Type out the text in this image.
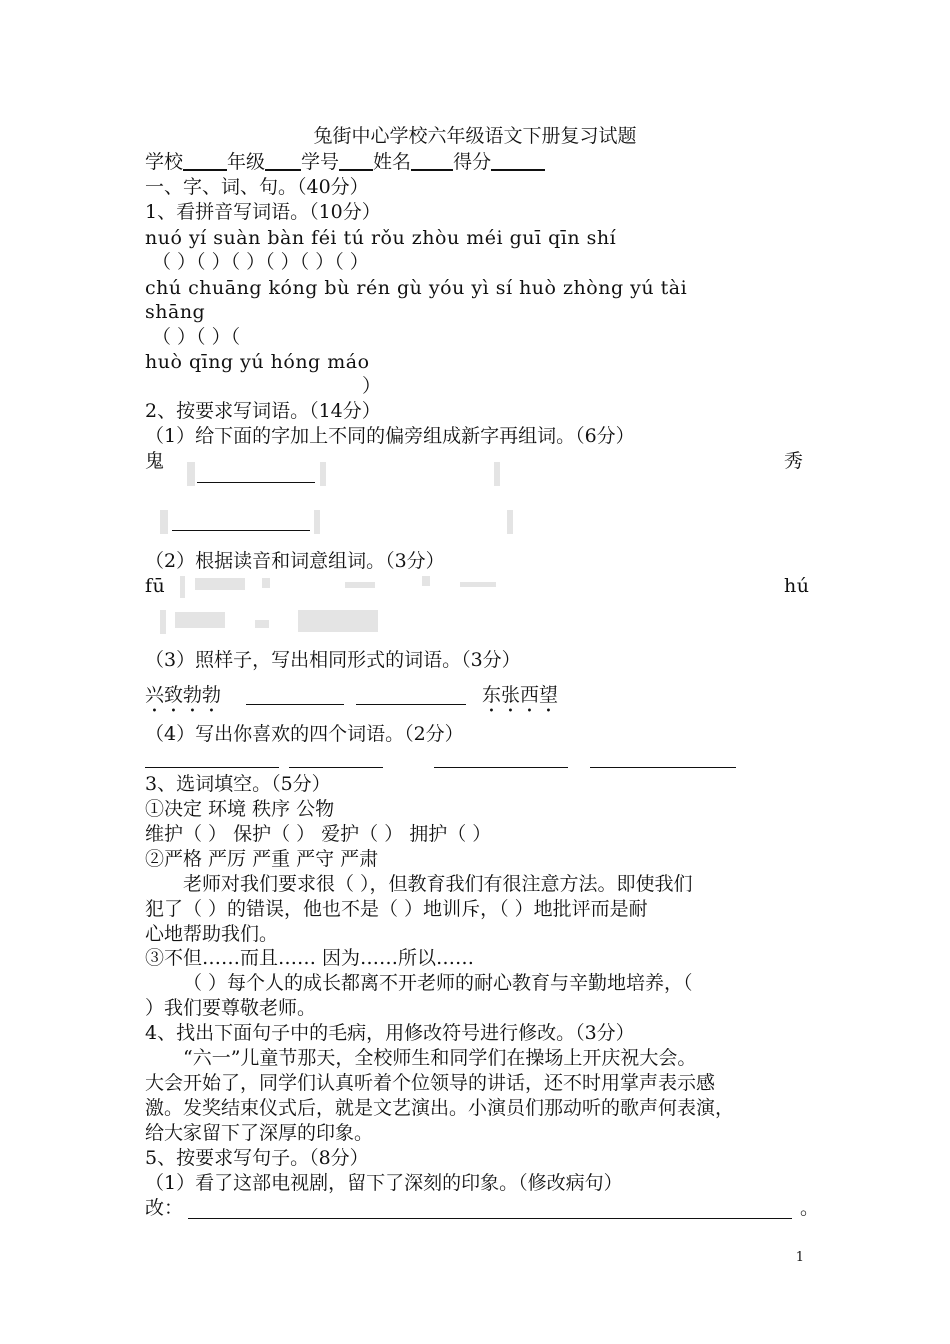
兔街中心学校六年级语文下册复习试题
学校 年级 学号 姓名 得分
一、字、词、句。（40分）
1、看拼音写词语。（10分）
nuó yí suàn bàn féi tú rǒu zhòu méi guī qīn shí
（ ）（ ）（ ）（ ）（ ）（ ）
chú chuāng kóng bù rén gù yóu yì sí huò zhòng yú tài
shāng
（ ）（ ）（
huò qīng yú hóng máo
）
2、按要求写词语。（14分）
（1）给下面的字加上不同的偏旁组成新字再组词。（6分）
鬼	秀
（2）根据读音和词意组词。（3分）
fū	hú
（3）照样子，写出相同形式的词语。（3分）
兴致勃勃	东张西望
（4）写出你喜欢的四个词语。（2分）
3、选词填空。（5分）
①决定 环境 秩序 公物
维护（ ） 保护（ ） 爱护（ ） 拥护（ ）
②严格 严厉 严重 严守 严肃
老师对我们要求很（ ），但教育我们有很注意方法。即使我们
犯了（ ）的错误，他也不是（ ）地训斥，（ ）地批评而是耐
心地帮助我们。
③不但……而且…… 因为……所以……
（ ）每个人的成长都离不开老师的耐心教育与辛勤地培养，（
）我们要尊敬老师。
4、找出下面句子中的毛病，用修改符号进行修改。（3分）
“六一”儿童节那天，全校师生和同学们在操场上开庆祝大会。
大会开始了，同学们认真听着个位领导的讲话，还不时用掌声表示感
激。发奖结束仪式后，就是文艺演出。小演员们那动听的歌声何表演，
给大家留下了深厚的印象。
5、按要求写句子。（8分）
（1）看了这部电视剧，留下了深刻的印象。（修改病句）
改：	。
1
